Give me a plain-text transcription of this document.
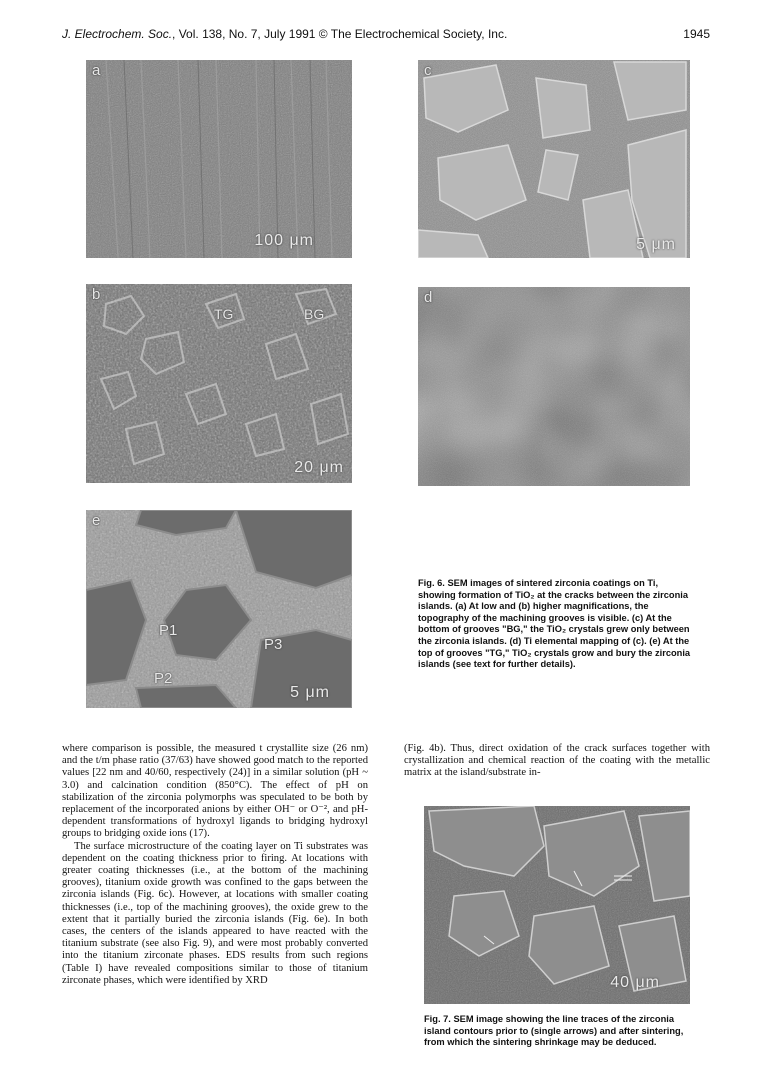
J. Electrochem. Soc., Vol. 138, No. 7, July 1991 © The Electrochemical Society, Inc.	1945
a
100 μm
b
TG	BG
20 μm
c
5 μm
d
e
P1
P2
P3
5 μm
Fig. 6. SEM images of sintered zirconia coatings on Ti, showing formation of TiO₂ at the cracks between the zirconia islands. (a) At low and (b) higher magnifications, the topography of the machining grooves is visible. (c) At the bottom of grooves "BG," the TiO₂ crystals grew only between the zirconia islands. (d) Ti elemental mapping of (c). (e) At the top of grooves "TG," TiO₂ crystals grow and bury the zirconia islands (see text for further details).
40 μm
Fig. 7. SEM image showing the line traces of the zirconia island contours prior to (single arrows) and after sintering, from which the sintering shrinkage may be deduced.

where comparison is possible, the measured t crystallite size (26 nm) and the t/m phase ratio (37/63) have showed good match to the reported values [22 nm and 40/60, respectively (24)] in a similar solution (pH ~ 3.0) and calcination condition (850°C). The effect of pH on stabilization of the zirconia polymorphs was speculated to be both by replacement of the incorporated anions by either OH⁻ or O⁻², and pH-dependent transformations of hydroxyl ligands to bridging hydroxyl groups to bridging oxide ions (17).

The surface microstructure of the coating layer on Ti substrates was dependent on the coating thickness prior to firing. At locations with greater coating thicknesses (i.e., at the bottom of the machining grooves), titanium oxide growth was confined to the gaps between the zirconia islands (Fig. 6c). However, at locations with smaller coating thicknesses (i.e., top of the machining grooves), the oxide grew to the extent that it partially buried the zirconia islands (Fig. 6e). In both cases, the centers of the islands appeared to have reacted with the titanium substrate (see also Fig. 9), and were most probably converted into the titanium zirconate phases. EDS results from such regions (Table I) have revealed compositions similar to those of titanium zirconate phases, which were identified by XRD

(Fig. 4b). Thus, direct oxidation of the crack surfaces together with crystallization and chemical reaction of the coating with the metallic matrix at the island/substrate in-
